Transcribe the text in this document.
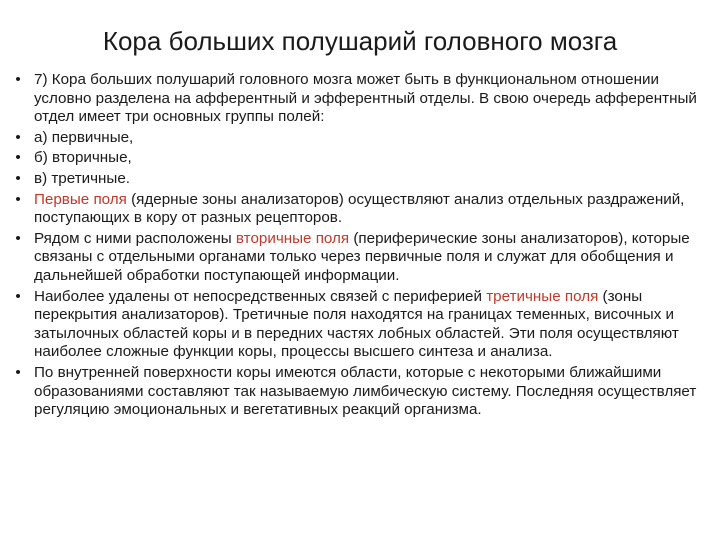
Кора больших полушарий головного мозга
• 7) Кора больших полушарий головного мозга может быть в функциональном отношении условно разделена на афферентный и эфферентный отделы. В свою очередь афферентный отдел имеет три основных группы полей:
• а) первичные,
• б) вторичные,
• в) третичные.
• Первые поля (ядерные зоны анализаторов) осуществляют анализ отдельных раздражений, поступающих в кору от разных рецепторов.
• Рядом с ними расположены вторичные поля (периферические зоны анализаторов), которые связаны с отдельными органами только через первичные поля и служат для обобщения и дальнейшей обработки поступающей информации.
• Наиболее удалены от непосредственных связей с периферией третичные поля (зоны перекрытия анализаторов). Третичные поля находятся на границах теменных, височных и затылочных областей коры и в передних частях лобных областей. Эти поля осуществляют наиболее сложные функции коры, процессы высшего синтеза и анализа.
• По внутренней поверхности коры имеются области, которые с некоторыми ближайшими образованиями составляют так называемую лимбическую систему. Последняя осуществляет регуляцию эмоциональных и вегетативных реакций организма.
